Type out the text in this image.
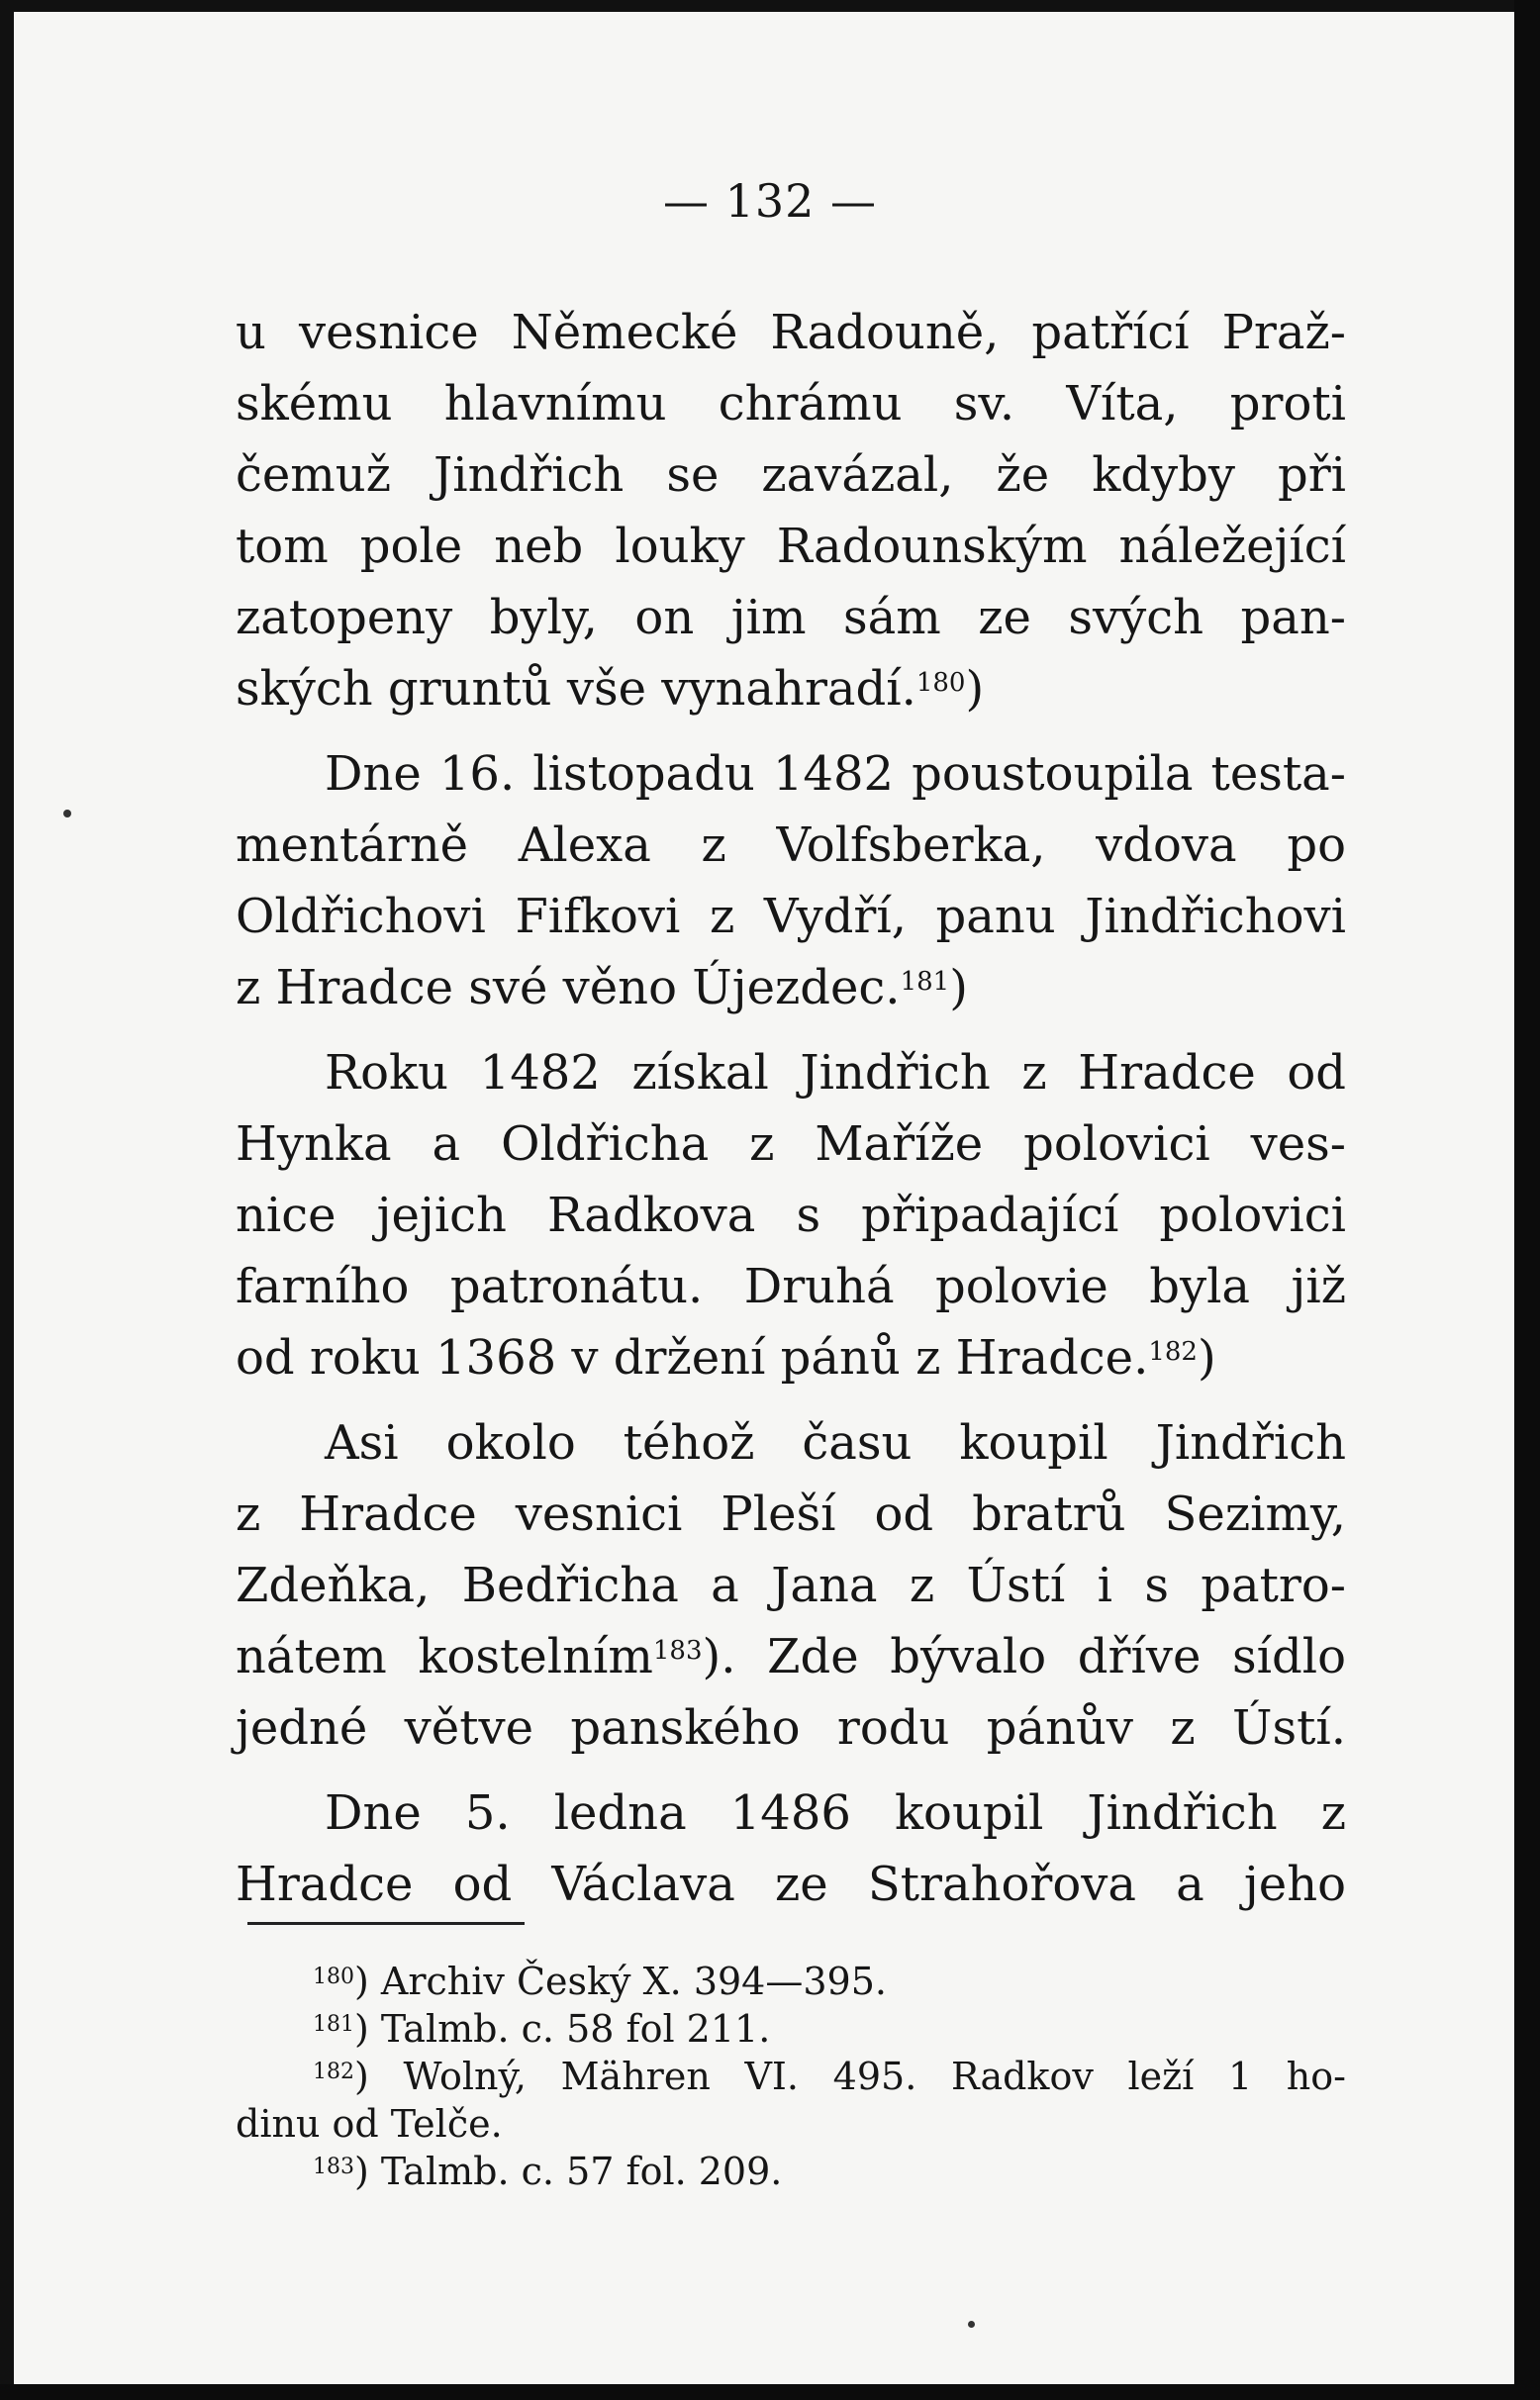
— 132 —
u vesnice Německé Radouně, patřící Praž-
skému hlavnímu chrámu sv. Víta, proti
čemuž Jindřich se zavázal, že kdyby při
tom pole neb louky Radounským náležející
zatopeny byly, on jim sám ze svých pan-
ských gruntů vše vynahradí.$^{180}$)
Dne 16. listopadu 1482 poustoupila testa-
mentárně Alexa z Volfsberka, vdova po
Oldřichovi Fifkovi z Vydří, panu Jindřichovi
z Hradce své věno Újezdec.$^{181}$)
Roku 1482 získal Jindřich z Hradce od
Hynka a Oldřicha z Maříže polovici ves-
nice jejich Radkova s připadající polovici
farního patronátu. Druhá polovie byla již
od roku 1368 v držení pánů z Hradce.$^{182}$)
Asi okolo téhož času koupil Jindřich
z Hradce vesnici Pleší od bratrů Sezimy,
Zdeňka, Bedřicha a Jana z Ústí i s patro-
nátem kostelním$^{183}$). Zde bývalo dříve sídlo
jedné větve panského rodu pánův z Ústí.
Dne 5. ledna 1486 koupil Jindřich z
Hradce od Václava ze Strahořova a jeho
$^{180}$) Archiv Český X. 394—395.
$^{181}$) Talmb. c. 58 fol 211.
$^{182}$) Wolný, Mähren VI. 495. Radkov leží 1 ho-
dinu od Telče.
$^{183}$) Talmb. c. 57 fol. 209.
